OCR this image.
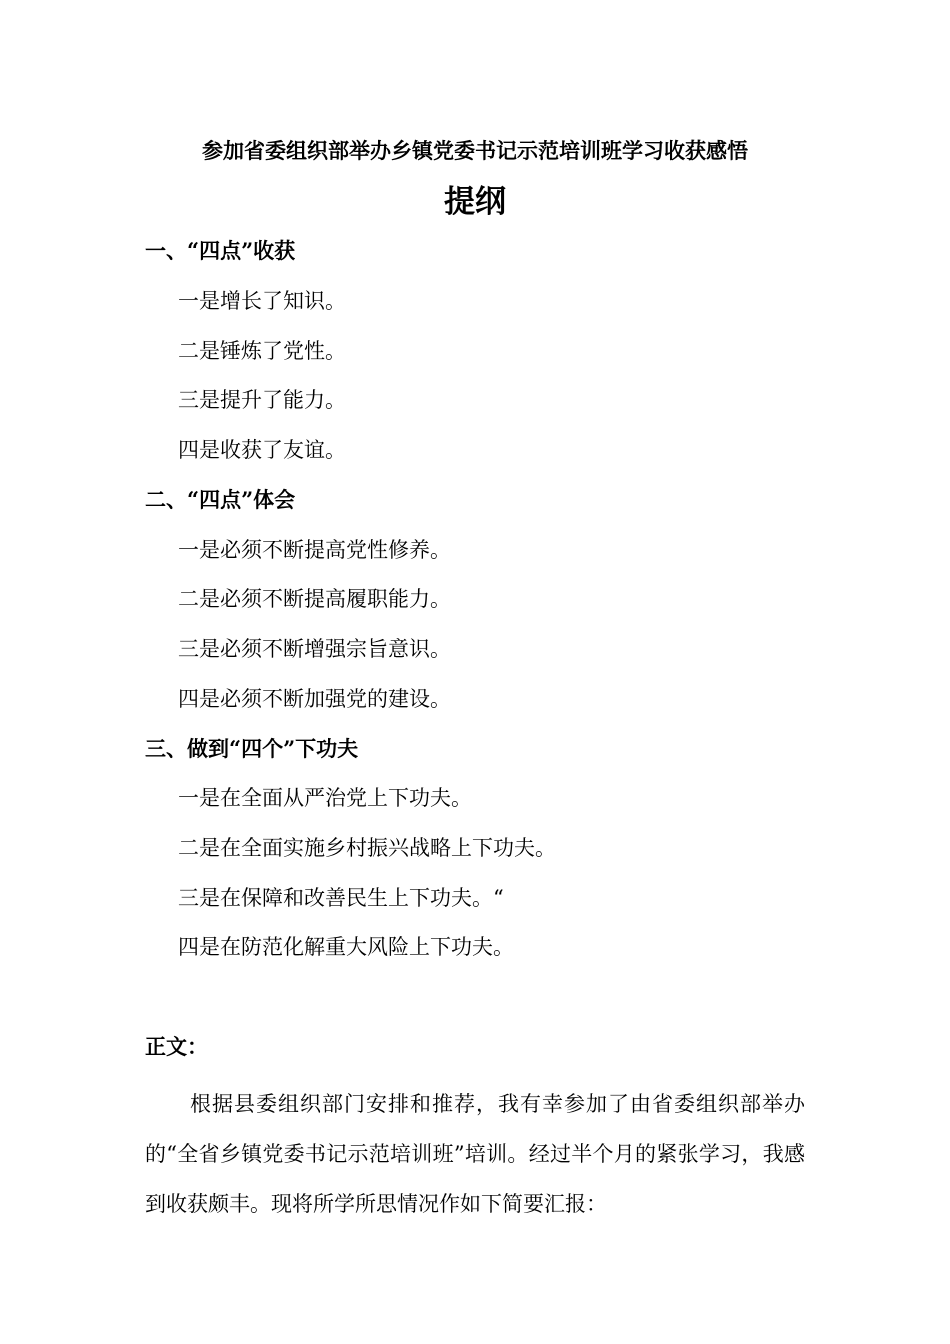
参加省委组织部举办乡镇党委书记示范培训班学习收获感悟
提纲
一、“四点”收获
一是增长了知识。
二是锤炼了党性。
三是提升了能力。
四是收获了友谊。
二、“四点”体会
一是必须不断提高党性修养。
二是必须不断提高履职能力。
三是必须不断增强宗旨意识。
四是必须不断加强党的建设。
三、做到“四个”下功夫
一是在全面从严治党上下功夫。
二是在全面实施乡村振兴战略上下功夫。
三是在保障和改善民生上下功夫。“
四是在防范化解重大风险上下功夫。
正文：
根据县委组织部门安排和推荐，我有幸参加了由省委组织部举办的“全省乡镇党委书记示范培训班”培训。经过半个月的紧张学习，我感到收获颇丰。现将所学所思情况作如下简要汇报：
